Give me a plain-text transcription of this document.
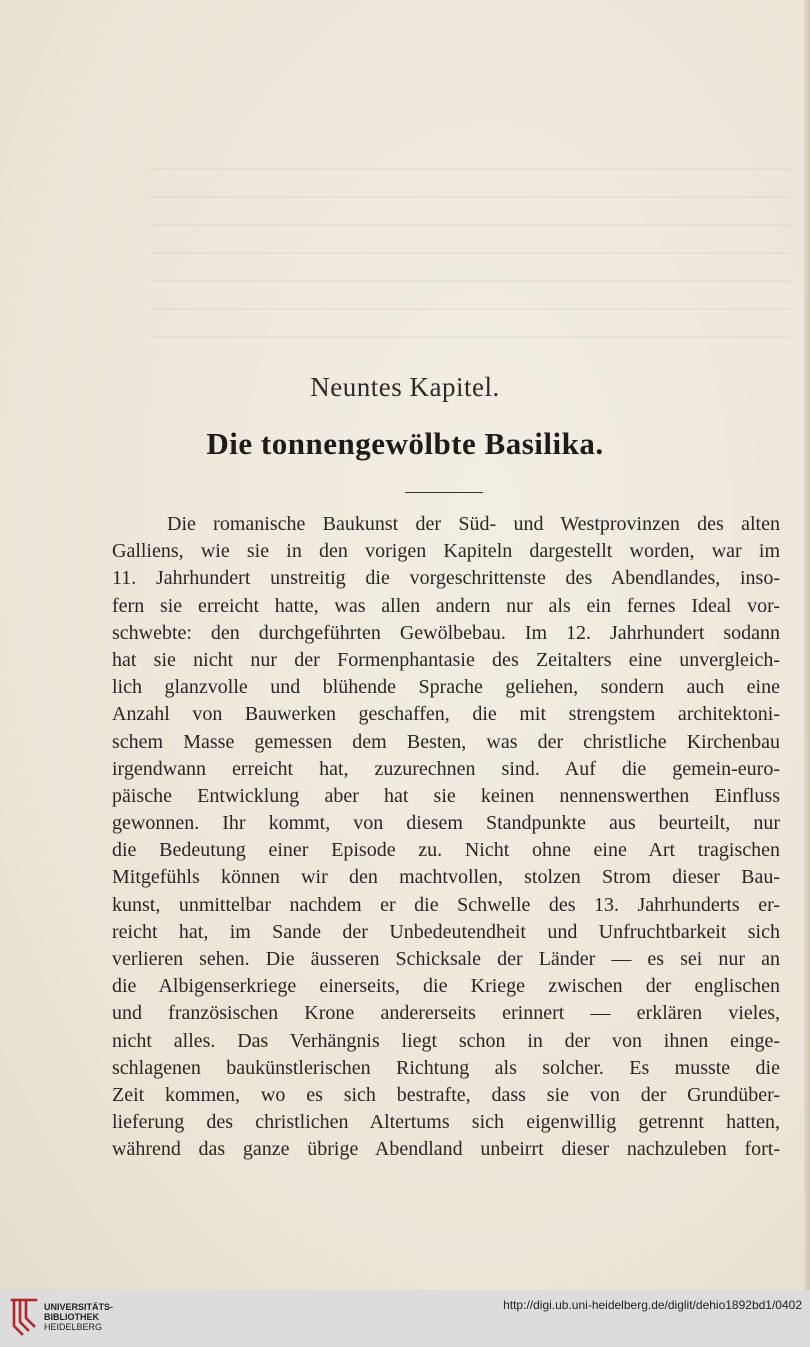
Neuntes Kapitel.
Die tonnengewölbte Basilika.
Die romanische Baukunst der Süd- und Westprovinzen des alten
Galliens, wie sie in den vorigen Kapiteln dargestellt worden, war im
11. Jahrhundert unstreitig die vorgeschrittenste des Abendlandes, inso-
fern sie erreicht hatte, was allen andern nur als ein fernes Ideal vor-
schwebte: den durchgeführten Gewölbebau. Im 12. Jahrhundert sodann
hat sie nicht nur der Formenphantasie des Zeitalters eine unvergleich-
lich glanzvolle und blühende Sprache geliehen, sondern auch eine
Anzahl von Bauwerken geschaffen, die mit strengstem architektoni-
schem Masse gemessen dem Besten, was der christliche Kirchenbau
irgendwann erreicht hat, zuzurechnen sind. Auf die gemein-euro-
päische Entwicklung aber hat sie keinen nennenswerthen Einfluss
gewonnen. Ihr kommt, von diesem Standpunkte aus beurteilt, nur
die Bedeutung einer Episode zu. Nicht ohne eine Art tragischen
Mitgefühls können wir den machtvollen, stolzen Strom dieser Bau-
kunst, unmittelbar nachdem er die Schwelle des 13. Jahrhunderts er-
reicht hat, im Sande der Unbedeutendheit und Unfruchtbarkeit sich
verlieren sehen. Die äusseren Schicksale der Länder — es sei nur an
die Albigenserkriege einerseits, die Kriege zwischen der englischen
und französischen Krone andererseits erinnert — erklären vieles,
nicht alles. Das Verhängnis liegt schon in der von ihnen einge-
schlagenen baukünstlerischen Richtung als solcher. Es musste die
Zeit kommen, wo es sich bestrafte, dass sie von der Grundüber-
lieferung des christlichen Altertums sich eigenwillig getrennt hatten,
während das ganze übrige Abendland unbeirrt dieser nachzuleben fort-
UNIVERSITÄTS-
BIBLIOTHEK
HEIDELBERG
http://digi.ub.uni-heidelberg.de/diglit/dehio1892bd1/0402
